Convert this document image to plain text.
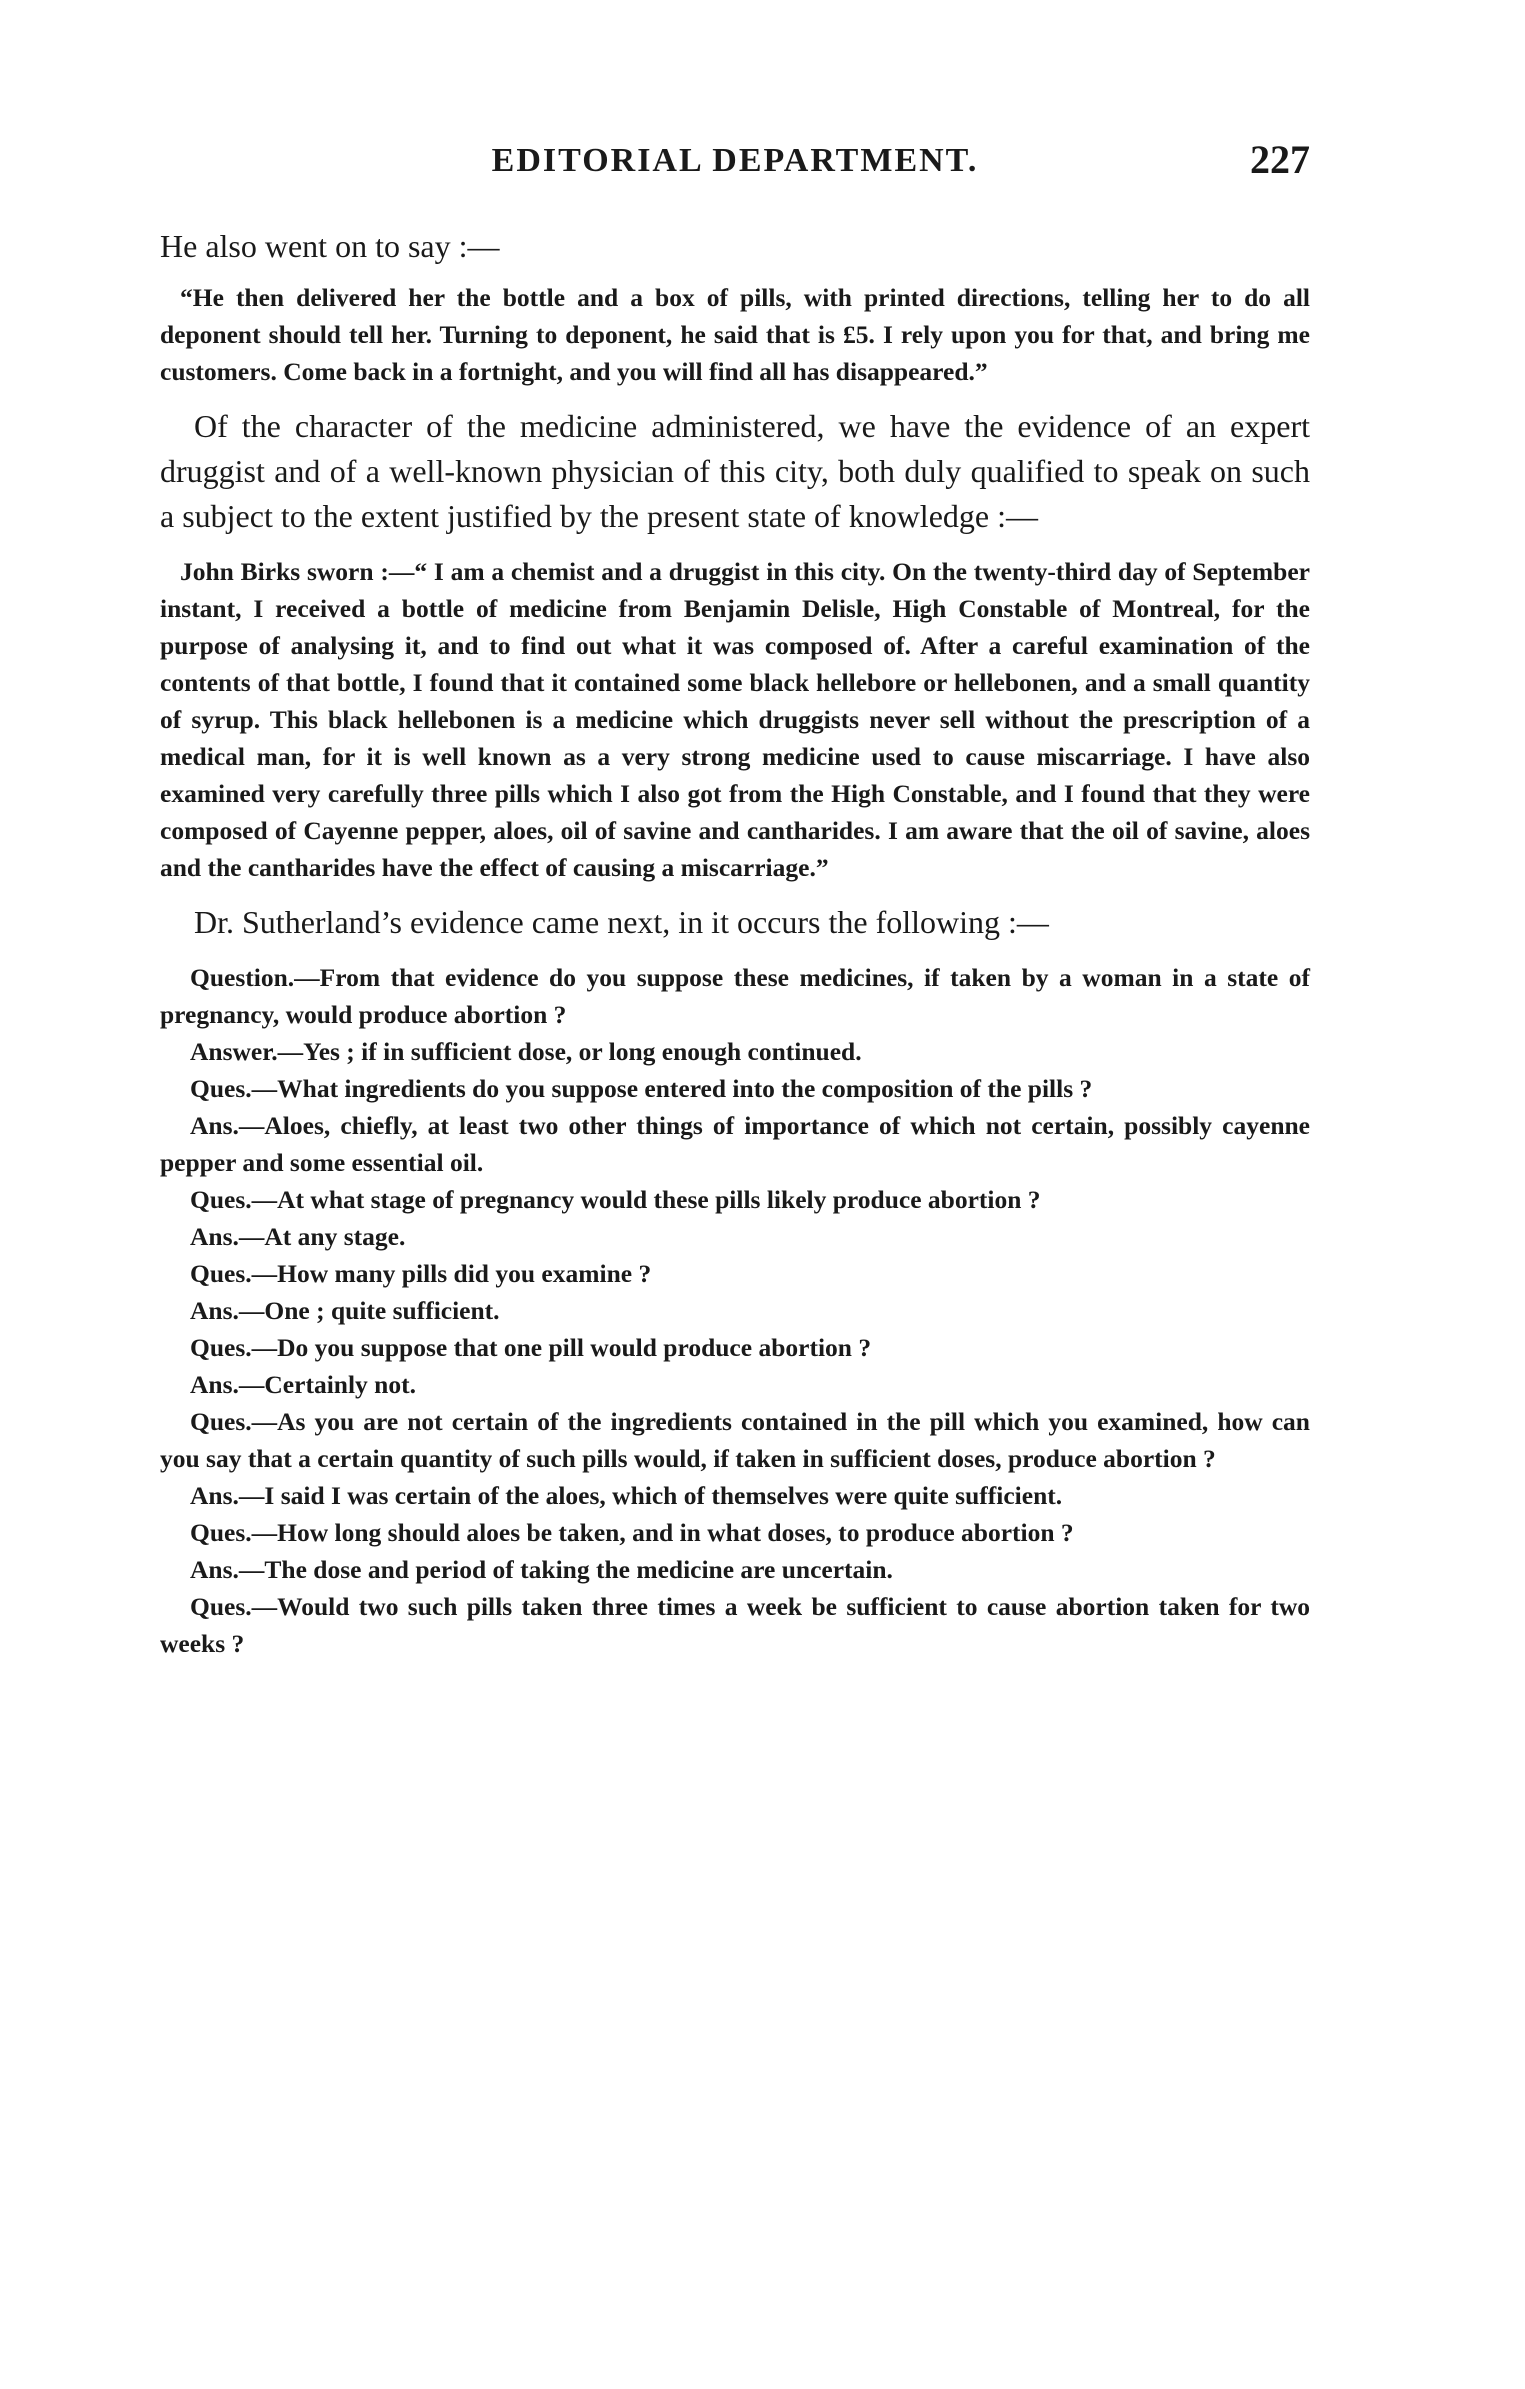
EDITORIAL DEPARTMENT.	227

He also went on to say :—

“He then delivered her the bottle and a box of pills, with printed directions, telling her to do all deponent should tell her. Turning to deponent, he said that is £5. I rely upon you for that, and bring me customers. Come back in a fortnight, and you will find all has disappeared.”

Of the character of the medicine administered, we have the evidence of an expert druggist and of a well-known physician of this city, both duly qualified to speak on such a subject to the extent justified by the present state of knowledge :—

John Birks sworn :—“ I am a chemist and a druggist in this city. On the twenty-third day of September instant, I received a bottle of medicine from Benjamin Delisle, High Constable of Montreal, for the purpose of analysing it, and to find out what it was composed of. After a careful examination of the contents of that bottle, I found that it contained some black hellebore or hellebonen, and a small quantity of syrup. This black hellebonen is a medicine which druggists never sell without the prescription of a medical man, for it is well known as a very strong medicine used to cause miscarriage. I have also examined very carefully three pills which I also got from the High Constable, and I found that they were composed of Cayenne pepper, aloes, oil of savine and cantharides. I am aware that the oil of savine, aloes and the cantharides have the effect of causing a miscarriage.”

Dr. Sutherland’s evidence came next, in it occurs the following :—

Question.—From that evidence do you suppose these medicines, if taken by a woman in a state of pregnancy, would produce abortion ?

Answer.—Yes ; if in sufficient dose, or long enough continued.

Ques.—What ingredients do you suppose entered into the composition of the pills ?

Ans.—Aloes, chiefly, at least two other things of importance of which not certain, possibly cayenne pepper and some essential oil.

Ques.—At what stage of pregnancy would these pills likely produce abortion ?

Ans.—At any stage.

Ques.—How many pills did you examine ?

Ans.—One ; quite sufficient.

Ques.—Do you suppose that one pill would produce abortion ?

Ans.—Certainly not.

Ques.—As you are not certain of the ingredients contained in the pill which you examined, how can you say that a certain quantity of such pills would, if taken in sufficient doses, produce abortion ?

Ans.—I said I was certain of the aloes, which of themselves were quite sufficient.

Ques.—How long should aloes be taken, and in what doses, to produce abortion ?

Ans.—The dose and period of taking the medicine are uncertain.

Ques.—Would two such pills taken three times a week be sufficient to cause abortion taken for two weeks ?
